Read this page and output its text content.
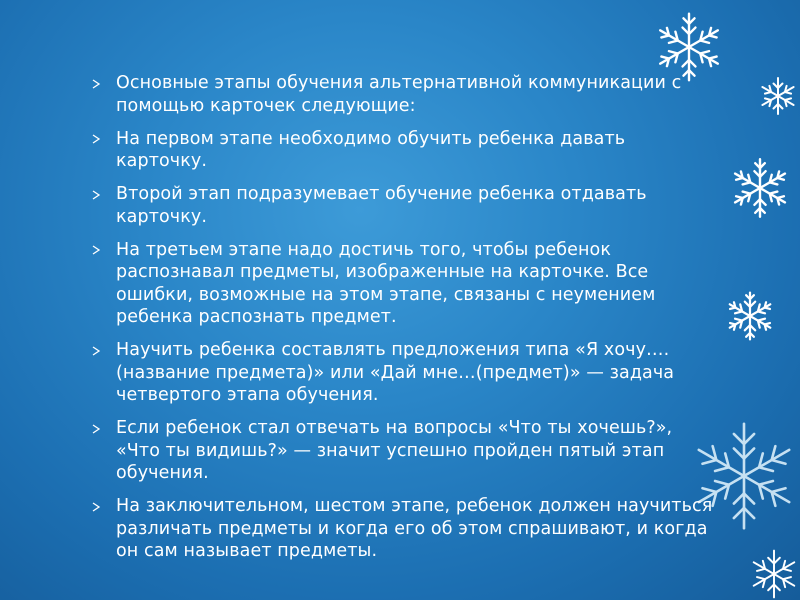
Основные этапы обучения альтернативной коммуникации с помощью карточек следующие:
На первом этапе необходимо обучить ребенка давать карточку.
Второй этап подразумевает обучение ребенка отдавать карточку.
На третьем этапе надо достичь того, чтобы ребенок распознавал предметы, изображенные на карточке. Все ошибки, возможные на этом этапе, связаны с неумением ребенка распознать предмет.
Научить ребенка составлять предложения типа «Я хочу….(название предмета)» или «Дай мне…(предмет)» — задача четвертого этапа обучения.
Если ребенок стал отвечать на вопросы «Что ты хочешь?», «Что ты видишь?» — значит успешно пройден пятый этап обучения.
На заключительном, шестом этапе, ребенок должен научиться различать предметы и когда его об этом спрашивают, и когда он сам называет предметы.
